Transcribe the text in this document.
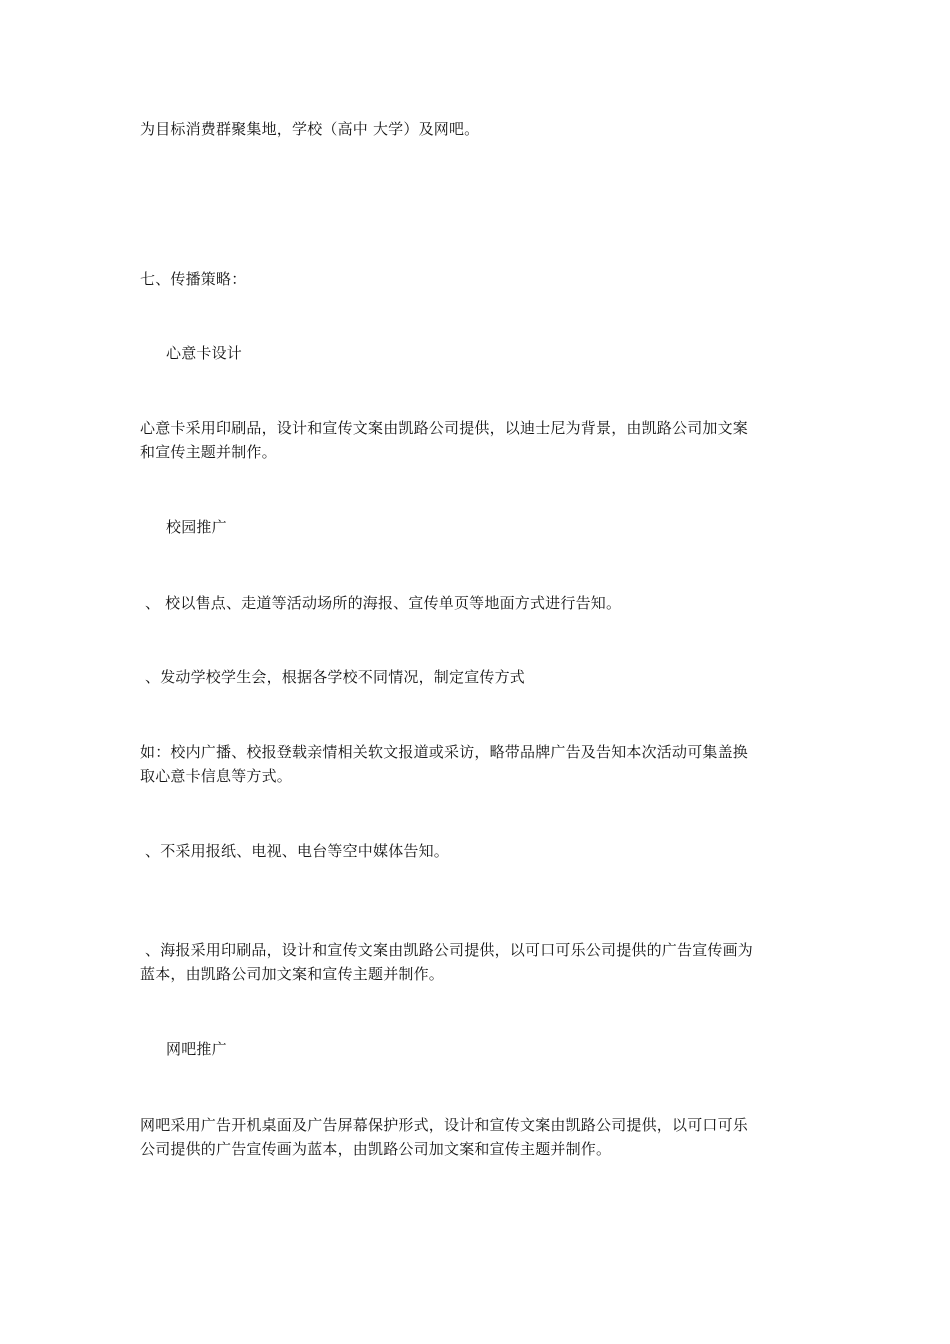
为目标消费群聚集地，学校（高中 大学）及网吧。
七、传播策略：
心意卡设计
心意卡采用印刷品，设计和宣传文案由凯路公司提供，以迪士尼为背景，由凯路公司加文案
和宣传主题并制作。
校园推广
、 校以售点、走道等活动场所的海报、宣传单页等地面方式进行告知。
、发动学校学生会，根据各学校不同情况，制定宣传方式
如：校内广播、校报登载亲情相关软文报道或采访，略带品牌广告及告知本次活动可集盖换
取心意卡信息等方式。
、不采用报纸、电视、电台等空中媒体告知。
、海报采用印刷品，设计和宣传文案由凯路公司提供，以可口可乐公司提供的广告宣传画为
蓝本，由凯路公司加文案和宣传主题并制作。
网吧推广
网吧采用广告开机桌面及广告屏幕保护形式，设计和宣传文案由凯路公司提供，以可口可乐
公司提供的广告宣传画为蓝本，由凯路公司加文案和宣传主题并制作。
